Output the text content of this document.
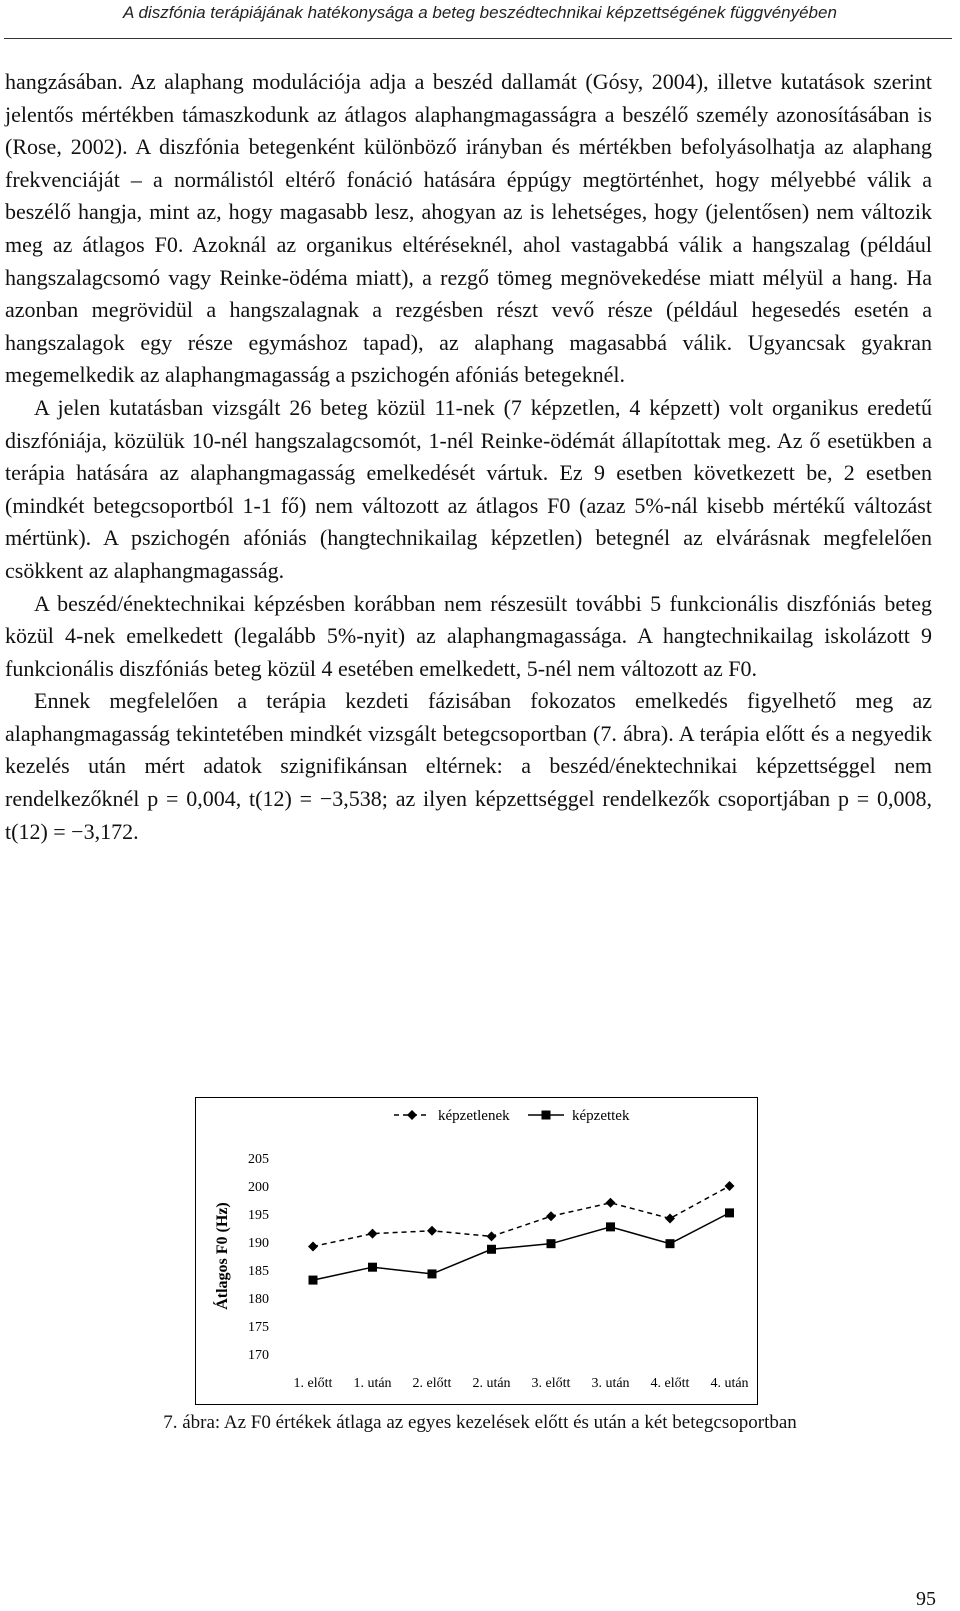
A diszfónia terápiájának hatékonysága a beteg beszédtechnikai képzettségének függvényében

hangzásában. Az alaphang modulációja adja a beszéd dallamát (Gósy, 2004), illetve kutatások szerint jelentős mértékben támaszkodunk az átlagos alaphangmagasságra a beszélő személy azonosításában is (Rose, 2002). A diszfónia betegenként különböző irányban és mértékben befolyásolhatja az alaphang frekvenciáját – a normálistól eltérő fonáció hatására éppúgy megtörténhet, hogy mélyebbé válik a beszélő hangja, mint az, hogy magasabb lesz, ahogyan az is lehetséges, hogy (jelentősen) nem változik meg az átlagos F0. Azoknál az organikus eltéréseknél, ahol vastagabbá válik a hangszalag (például hangszalagcsomó vagy Reinke-ödéma miatt), a rezgő tömeg megnövekedése miatt mélyül a hang. Ha azonban megrövidül a hangszalagnak a rezgésben részt vevő része (például hegesedés esetén a hangszalagok egy része egymáshoz tapad), az alaphang magasabbá válik. Ugyancsak gyakran megemelkedik az alaphangmagasság a pszichogén afóniás betegeknél.

A jelen kutatásban vizsgált 26 beteg közül 11-nek (7 képzetlen, 4 képzett) volt organikus eredetű diszfóniája, közülük 10-nél hangszalagcsomót, 1-nél Reinke-ödémát állapítottak meg. Az ő esetükben a terápia hatására az alaphangmagasság emelkedését vártuk. Ez 9 esetben következett be, 2 esetben (mindkét betegcsoportból 1-1 fő) nem változott az átlagos F0 (azaz 5%-nál kisebb mértékű változást mértünk). A pszichogén afóniás (hangtechnikailag képzetlen) betegnél az elvárásnak megfelelően csökkent az alaphangmagasság.

A beszéd/énektechnikai képzésben korábban nem részesült további 5 funkcionális diszfóniás beteg közül 4-nek emelkedett (legalább 5%-nyit) az alaphangmagassága. A hangtechnikailag iskolázott 9 funkcionális diszfóniás beteg közül 4 esetében emelkedett, 5-nél nem változott az F0.

Ennek megfelelően a terápia kezdeti fázisában fokozatos emelkedés figyelhető meg az alaphangmagasság tekintetében mindkét vizsgált betegcsoportban (7. ábra). A terápia előtt és a negyedik kezelés után mért adatok szignifikánsan eltérnek: a beszéd/énektechnikai képzettséggel nem rendelkezőknél p = 0,004, t(12) = −3,538; az ilyen képzettséggel rendelkezők csoportjában p = 0,008, t(12) = −3,172.

Átlagos F0 (Hz)
170
175
180
185
190
195
200
205
1. előtt 1. után 2. előtt 2. után 3. előtt 3. után 4. előtt 4. után
képzetlenek	képzettek
7. ábra: Az F0 értékek átlaga az egyes kezelések előtt és után a két betegcsoportban
95
